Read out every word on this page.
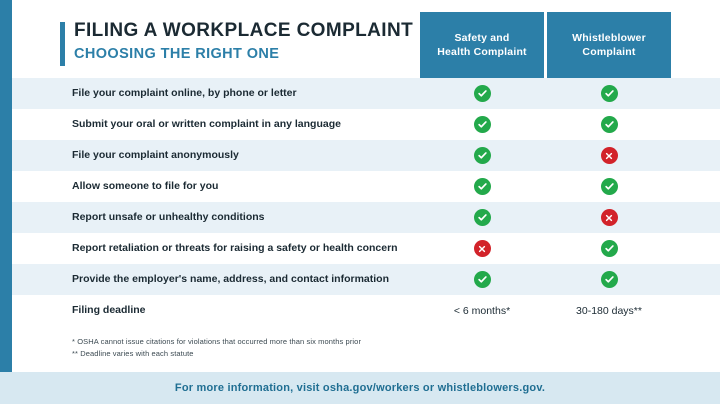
FILING A WORKPLACE COMPLAINT
CHOOSING THE RIGHT ONE
Safety and
Health Complaint
Whistleblower
Complaint
File your complaint online, by phone or letter
Submit your oral or written complaint in any language
File your complaint anonymously
Allow someone to file for you
Report unsafe or unhealthy conditions
Report retaliation or threats for raising a safety or health concern
Provide the employer's name, address, and contact information
Filing deadline	< 6 months*	30-180 days**
* OSHA cannot issue citations for violations that occurred more than six months prior
** Deadline varies with each statute
For more information, visit osha.gov/workers or whistleblowers.gov.
